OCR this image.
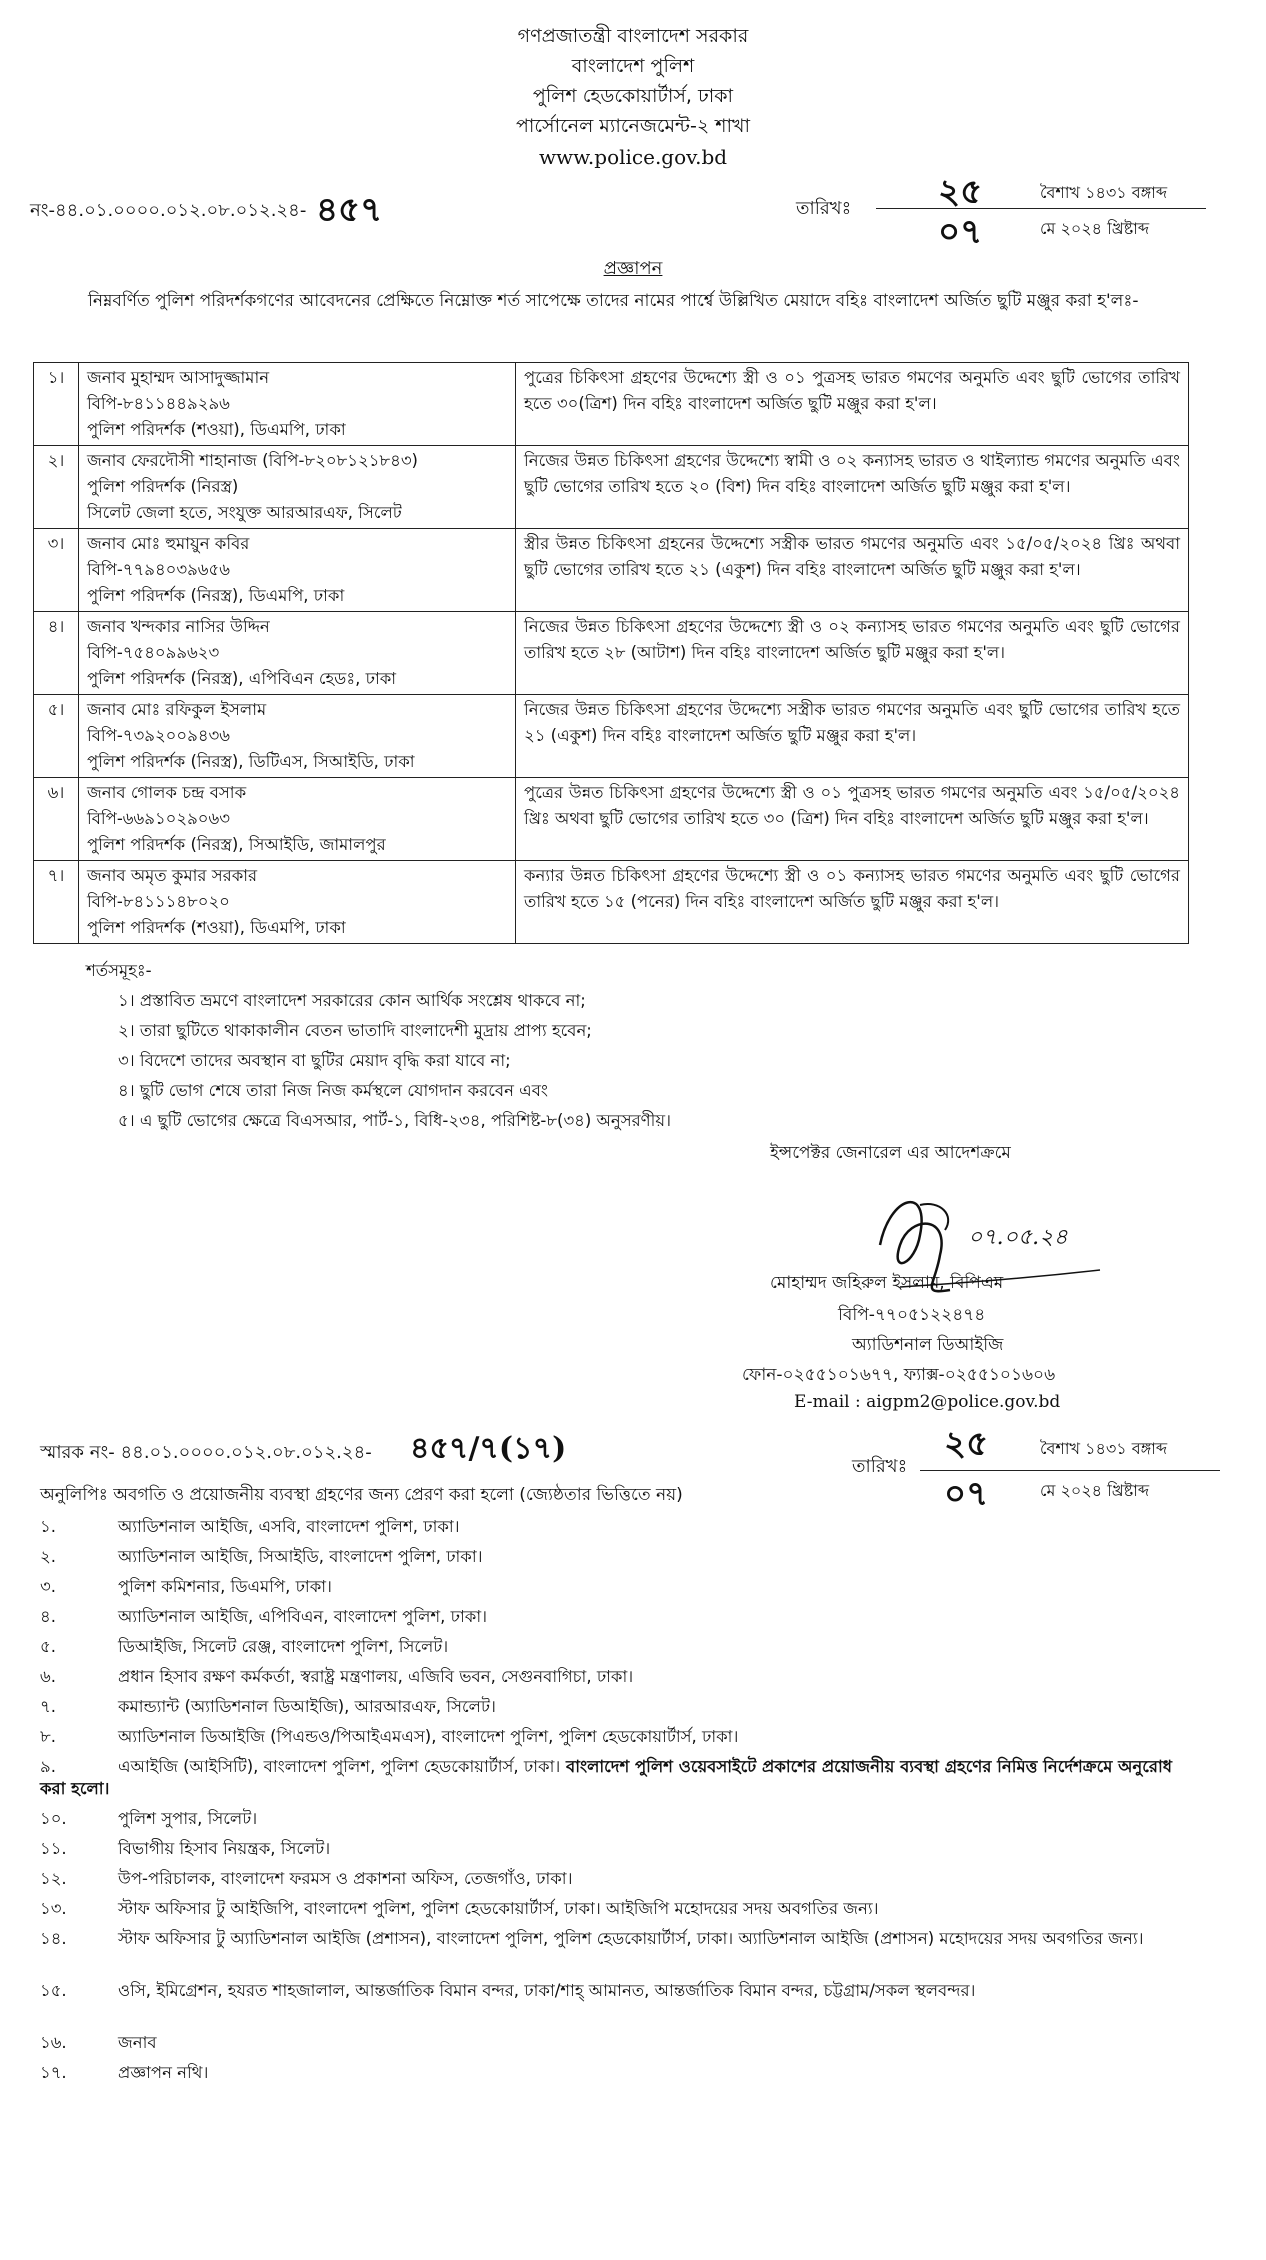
গণপ্রজাতন্ত্রী বাংলাদেশ সরকার
বাংলাদেশ পুলিশ
পুলিশ হেডকোয়ার্টার্স, ঢাকা
পার্সোনেল ম্যানেজমেন্ট-২ শাখা
www.police.gov.bd
নং-৪৪.০১.০০০০.০১২.০৮.০১২.২৪- ৪৫৭	তারিখঃ	২৫	বৈশাখ ১৪৩১ বঙ্গাব্দ
০৭	মে ২০২৪ খ্রিষ্টাব্দ
প্রজ্ঞাপন
নিম্নবর্ণিত পুলিশ পরিদর্শকগণের আবেদনের প্রেক্ষিতে নিম্নোক্ত শর্ত সাপেক্ষে তাদের নামের পার্শ্বে উল্লিখিত মেয়াদে বহিঃ বাংলাদেশ অর্জিত ছুটি মঞ্জুর করা হ'লঃ-
১।	জনাব মুহাম্মদ আসাদুজ্জামান
বিপি-৮৪১১৪৪৯২৯৬
পুলিশ পরিদর্শক (শওয়া), ডিএমপি, ঢাকা	পুত্রের চিকিৎসা গ্রহণের উদ্দেশ্যে স্ত্রী ও ০১ পুত্রসহ ভারত গমণের অনুমতি এবং ছুটি ভোগের তারিখ হতে ৩০(ত্রিশ) দিন বহিঃ বাংলাদেশ অর্জিত ছুটি মঞ্জুর করা হ'ল।
২।	জনাব ফেরদৌসী শাহানাজ (বিপি-৮২০৮১২১৮৪৩)
পুলিশ পরিদর্শক (নিরস্ত্র)
সিলেট জেলা হতে, সংযুক্ত আরআরএফ, সিলেট	নিজের উন্নত চিকিৎসা গ্রহণের উদ্দেশ্যে স্বামী ও ০২ কন্যাসহ ভারত ও থাইল্যান্ড গমণের অনুমতি এবং ছুটি ভোগের তারিখ হতে ২০ (বিশ) দিন বহিঃ বাংলাদেশ অর্জিত ছুটি মঞ্জুর করা হ'ল।
৩।	জনাব মোঃ হুমায়ুন কবির
বিপি-৭৭৯৪০৩৯৬৫৬
পুলিশ পরিদর্শক (নিরস্ত্র), ডিএমপি, ঢাকা	স্ত্রীর উন্নত চিকিৎসা গ্রহনের উদ্দেশ্যে সস্ত্রীক ভারত গমণের অনুমতি এবং ১৫/০৫/২০২৪ খ্রিঃ অথবা ছুটি ভোগের তারিখ হতে ২১ (একুশ) দিন বহিঃ বাংলাদেশ অর্জিত ছুটি মঞ্জুর করা হ'ল।
৪।	জনাব খন্দকার নাসির উদ্দিন
বিপি-৭৫৪০৯৯৬২৩
পুলিশ পরিদর্শক (নিরস্ত্র), এপিবিএন হেডঃ, ঢাকা	নিজের উন্নত চিকিৎসা গ্রহণের উদ্দেশ্যে স্ত্রী ও ০২ কন্যাসহ ভারত গমণের অনুমতি এবং ছুটি ভোগের তারিখ হতে ২৮ (আটাশ) দিন বহিঃ বাংলাদেশ অর্জিত ছুটি মঞ্জুর করা হ'ল।
৫।	জনাব মোঃ রফিকুল ইসলাম
বিপি-৭৩৯২০০৯৪৩৬
পুলিশ পরিদর্শক (নিরস্ত্র), ডিটিএস, সিআইডি, ঢাকা	নিজের উন্নত চিকিৎসা গ্রহণের উদ্দেশ্যে সস্ত্রীক ভারত গমণের অনুমতি এবং ছুটি ভোগের তারিখ হতে ২১ (একুশ) দিন বহিঃ বাংলাদেশ অর্জিত ছুটি মঞ্জুর করা হ'ল।
৬।	জনাব গোলক চন্দ্র বসাক
বিপি-৬৬৯১০২৯০৬৩
পুলিশ পরিদর্শক (নিরস্ত্র), সিআইডি, জামালপুর	পুত্রের উন্নত চিকিৎসা গ্রহণের উদ্দেশ্যে স্ত্রী ও ০১ পুত্রসহ ভারত গমণের অনুমতি এবং ১৫/০৫/২০২৪ খ্রিঃ অথবা ছুটি ভোগের তারিখ হতে ৩০ (ত্রিশ) দিন বহিঃ বাংলাদেশ অর্জিত ছুটি মঞ্জুর করা হ'ল।
৭।	জনাব অমৃত কুমার সরকার
বিপি-৮৪১১১৪৮০২০
পুলিশ পরিদর্শক (শওয়া), ডিএমপি, ঢাকা	কন্যার উন্নত চিকিৎসা গ্রহণের উদ্দেশ্যে স্ত্রী ও ০১ কন্যাসহ ভারত গমণের অনুমতি এবং ছুটি ভোগের তারিখ হতে ১৫ (পনের) দিন বহিঃ বাংলাদেশ অর্জিত ছুটি মঞ্জুর করা হ'ল।
শর্তসমূহঃ-
১। প্রস্তাবিত ভ্রমণে বাংলাদেশ সরকারের কোন আর্থিক সংশ্লেষ থাকবে না;
২। তারা ছুটিতে থাকাকালীন বেতন ভাতাদি বাংলাদেশী মুদ্রায় প্রাপ্য হবেন;
৩। বিদেশে তাদের অবস্থান বা ছুটির মেয়াদ বৃদ্ধি করা যাবে না;
৪। ছুটি ভোগ শেষে তারা নিজ নিজ কর্মস্থলে যোগদান করবেন এবং
৫। এ ছুটি ভোগের ক্ষেত্রে বিএসআর, পার্ট-১, বিধি-২৩৪, পরিশিষ্ট-৮(৩৪) অনুসরণীয়।
ইন্সপেক্টর জেনারেল এর আদেশক্রমে
০৭.০৫.২৪
মোহাম্মদ জহিরুল ইসলাম, বিপিএম
বিপি-৭৭০৫১২২৪৭৪
অ্যাডিশনাল ডিআইজি
ফোন-০২৫৫১০১৬৭৭, ফ্যাক্স-০২৫৫১০১৬০৬
E-mail : aigpm2@police.gov.bd
স্মারক নং- ৪৪.০১.০০০০.০১২.০৮.০১২.২৪- ৪৫৭/৭(১৭)
তারিখঃ
২৫	বৈশাখ ১৪৩১ বঙ্গাব্দ
০৭	মে ২০২৪ খ্রিষ্টাব্দ
অনুলিপিঃ অবগতি ও প্রয়োজনীয় ব্যবস্থা গ্রহণের জন্য প্রেরণ করা হলো (জ্যেষ্ঠতার ভিত্তিতে নয়)
১.	অ্যাডিশনাল আইজি, এসবি, বাংলাদেশ পুলিশ, ঢাকা।
২.	অ্যাডিশনাল আইজি, সিআইডি, বাংলাদেশ পুলিশ, ঢাকা।
৩.	পুলিশ কমিশনার, ডিএমপি, ঢাকা।
৪.	অ্যাডিশনাল আইজি, এপিবিএন, বাংলাদেশ পুলিশ, ঢাকা।
৫.	ডিআইজি, সিলেট রেঞ্জ, বাংলাদেশ পুলিশ, সিলেট।
৬.	প্রধান হিসাব রক্ষণ কর্মকর্তা, স্বরাষ্ট্র মন্ত্রণালয়, এজিবি ভবন, সেগুনবাগিচা, ঢাকা।
৭.	কমান্ড্যান্ট (অ্যাডিশনাল ডিআইজি), আরআরএফ, সিলেট।
৮.	অ্যাডিশনাল ডিআইজি (পিএন্ডও/পিআইএমএস), বাংলাদেশ পুলিশ, পুলিশ হেডকোয়ার্টার্স, ঢাকা।
৯.	এআইজি (আইসিটি), বাংলাদেশ পুলিশ, পুলিশ হেডকোয়ার্টার্স, ঢাকা। বাংলাদেশ পুলিশ ওয়েবসাইটে প্রকাশের প্রয়োজনীয় ব্যবস্থা গ্রহণের নিমিত্ত নির্দেশক্রমে অনুরোধ করা হলো।
১০.	পুলিশ সুপার, সিলেট।
১১.	বিভাগীয় হিসাব নিয়ন্ত্রক, সিলেট।
১২.	উপ-পরিচালক, বাংলাদেশ ফরমস ও প্রকাশনা অফিস, তেজগাঁও, ঢাকা।
১৩.	স্টাফ অফিসার টু আইজিপি, বাংলাদেশ পুলিশ, পুলিশ হেডকোয়ার্টার্স, ঢাকা। আইজিপি মহোদয়ের সদয় অবগতির জন্য।
১৪.	স্টাফ অফিসার টু অ্যাডিশনাল আইজি (প্রশাসন), বাংলাদেশ পুলিশ, পুলিশ হেডকোয়ার্টার্স, ঢাকা। অ্যাডিশনাল আইজি (প্রশাসন) মহোদয়ের সদয় অবগতির জন্য।
১৫.	ওসি, ইমিগ্রেশন, হযরত শাহজালাল, আন্তর্জাতিক বিমান বন্দর, ঢাকা/শাহ্‌ আমানত, আন্তর্জাতিক বিমান বন্দর, চট্টগ্রাম/সকল স্থলবন্দর।
১৬.	জনাব
১৭.	প্রজ্ঞাপন নথি।
